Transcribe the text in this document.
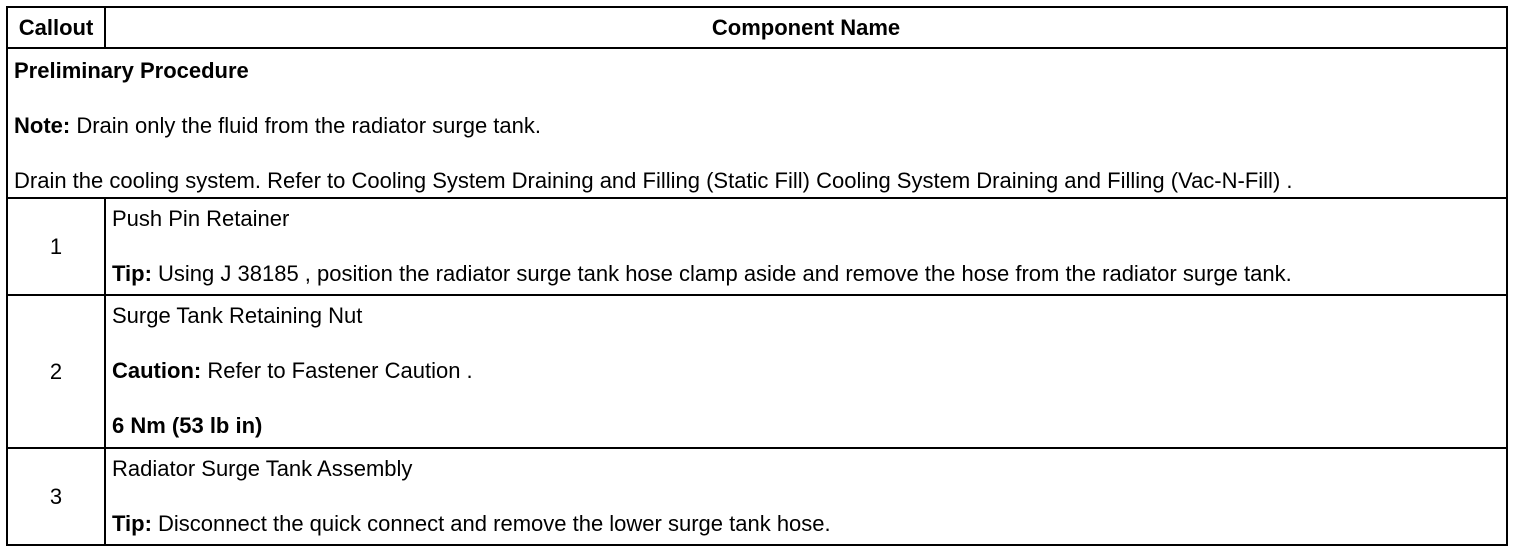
Callout	Component Name

Preliminary Procedure

Note: Drain only the fluid from the radiator surge tank.

Drain the cooling system. Refer to Cooling System Draining and Filling (Static Fill) Cooling System Draining and Filling (Vac-N-Fill) .	

1	Push Pin Retainer

Tip: Using J 38185 , position the radiator surge tank hose clamp aside and remove the hose from the radiator surge tank.

2	Surge Tank Retaining Nut

Caution: Refer to Fastener Caution .

6 Nm (53 lb in)

3	Radiator Surge Tank Assembly

Tip: Disconnect the quick connect and remove the lower surge tank hose.
